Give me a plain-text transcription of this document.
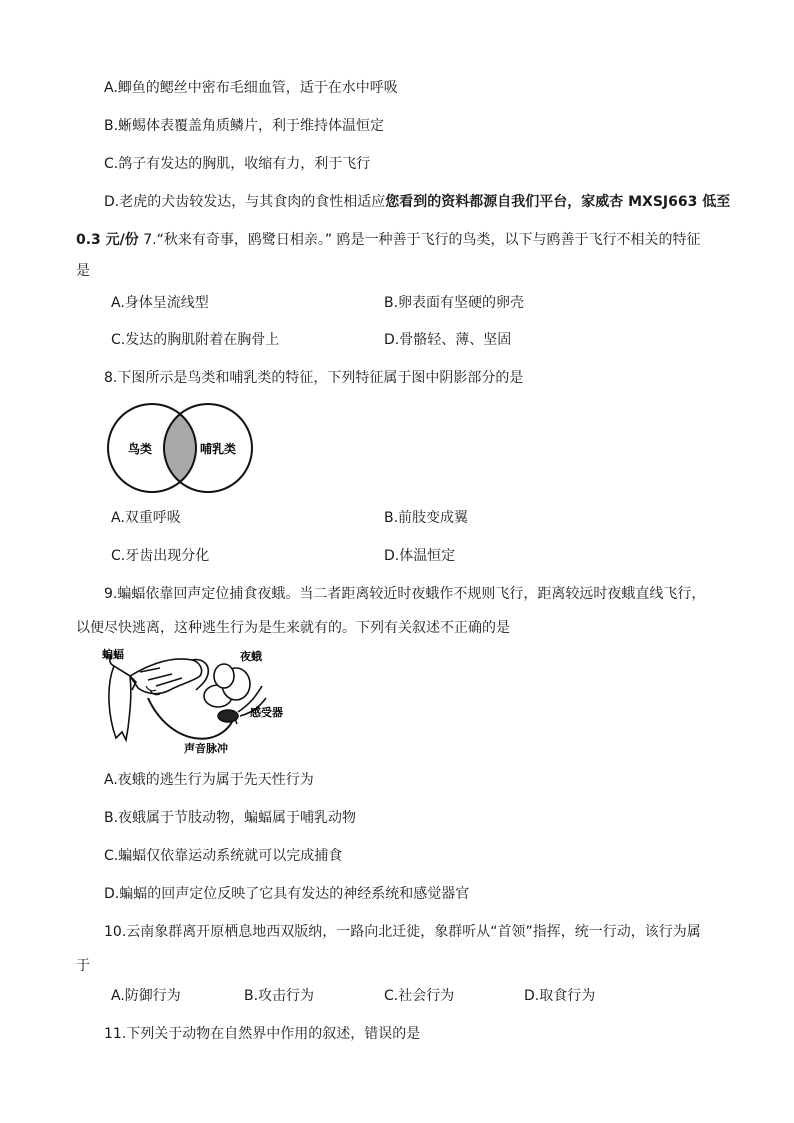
A.鲫鱼的鳃丝中密布毛细血管，适于在水中呼吸
B.蜥蜴体表覆盖角质鳞片，利于维持体温恒定
C.鸽子有发达的胸肌，收缩有力，利于飞行
D.老虎的犬齿较发达，与其食肉的食性相适应您看到的资料都源自我们平台，家威杏 MXSJ663 低至
0.3 元/份 7.“秋来有奇事，鸥鹭日相亲。” 鸥是一种善于飞行的鸟类，以下与鸥善于飞行不相关的特征
是
A.身体呈流线型	B.卵表面有坚硬的卵壳
C.发达的胸肌附着在胸骨上	D.骨骼轻、薄、坚固
8.下图所示是鸟类和哺乳类的特征，下列特征属于图中阴影部分的是
鸟类	哺乳类
A.双重呼吸	B.前肢变成翼
C.牙齿出现分化	D.体温恒定
9.蝙蝠依靠回声定位捕食夜蛾。当二者距离较近时夜蛾作不规则飞行，距离较远时夜蛾直线飞行，
以便尽快逃离，这种逃生行为是生来就有的。下列有关叙述不正确的是
蝙蝠	夜蛾
感受器
声音脉冲
A.夜蛾的逃生行为属于先天性行为
B.夜蛾属于节肢动物，蝙蝠属于哺乳动物
C.蝙蝠仅依靠运动系统就可以完成捕食
D.蝙蝠的回声定位反映了它具有发达的神经系统和感觉器官
10.云南象群离开原栖息地西双版纳，一路向北迁徙，象群听从“首领”指挥，统一行动，该行为属
于
A.防御行为	B.攻击行为	C.社会行为	D.取食行为
11.下列关于动物在自然界中作用的叙述，错误的是
